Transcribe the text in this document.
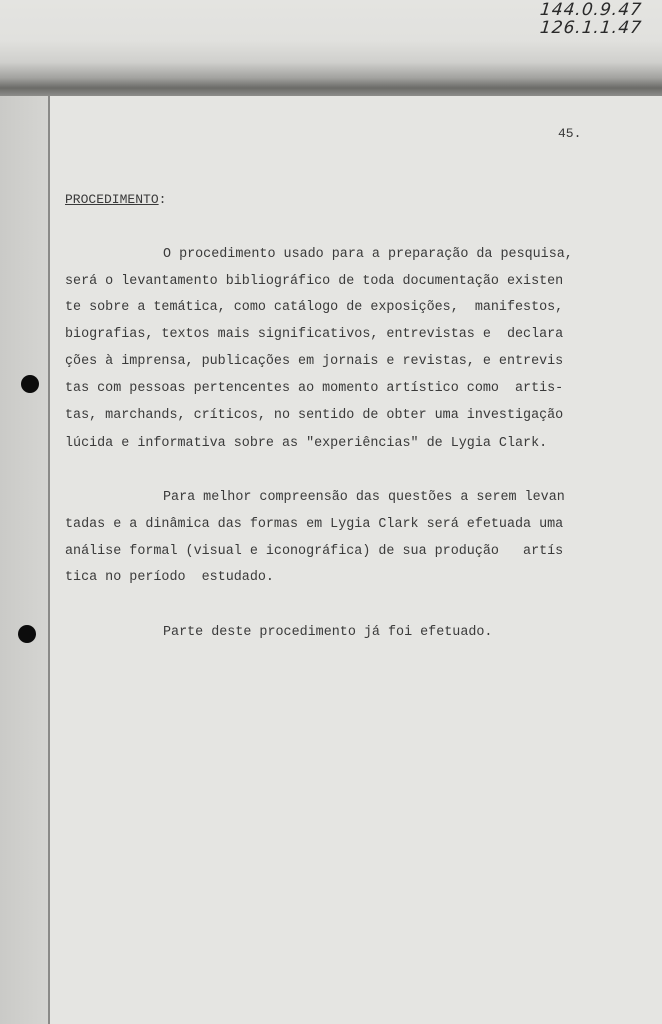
144.0.9.47
126.1.1.47
45.
PROCEDIMENTO:
O procedimento usado para a preparação da pesquisa,
será o levantamento bibliográfico de toda documentação existen
te sobre a temática, como catálogo de exposições,  manifestos,
biografias, textos mais significativos, entrevistas e  declara
ções à imprensa, publicações em jornais e revistas, e entrevis
tas com pessoas pertencentes ao momento artístico como  artis-
tas, marchands, críticos, no sentido de obter uma investigação
lúcida e informativa sobre as "experiências" de Lygia Clark.
Para melhor compreensão das questões a serem levan
tadas e a dinâmica das formas em Lygia Clark será efetuada uma
análise formal (visual e iconográfica) de sua produção   artís
tica no período  estudado.
Parte deste procedimento já foi efetuado.
